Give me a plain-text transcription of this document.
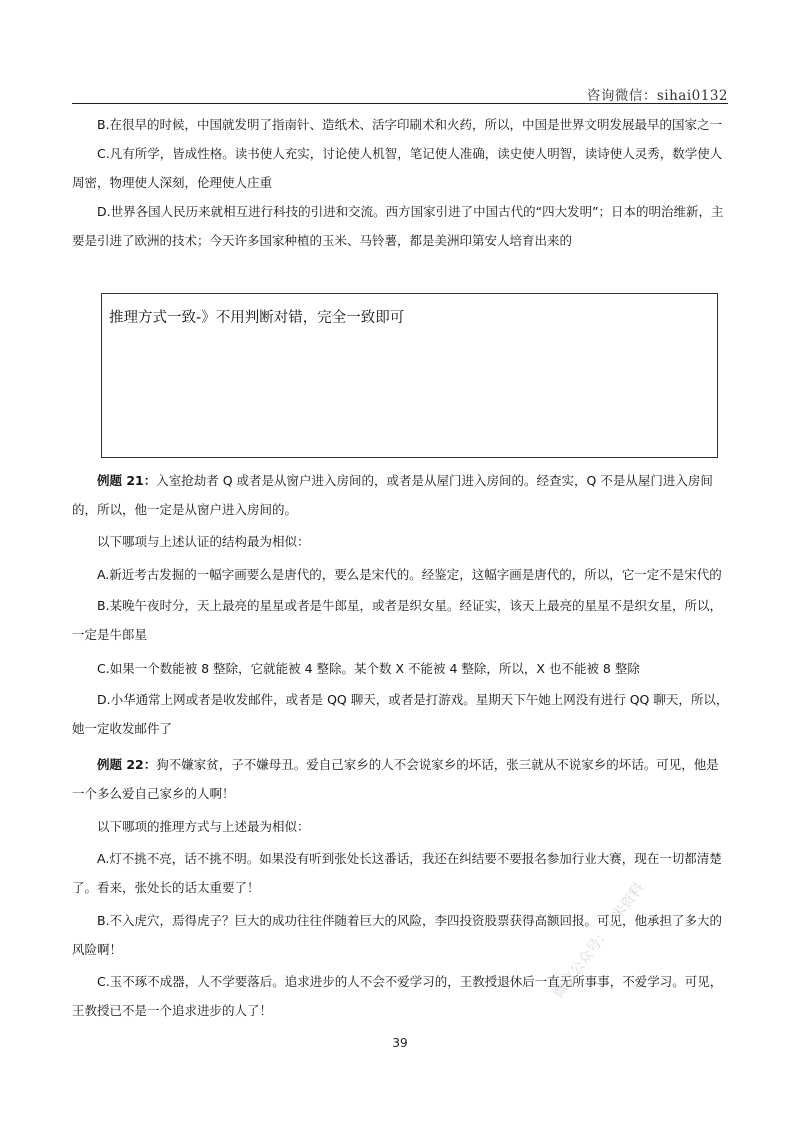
咨询微信：sihai0132

B.在很早的时候，中国就发明了指南针、造纸术、活字印刷术和火药，所以，中国是世界文明发展最早的国家之一

C.凡有所学，皆成性格。读书使人充实，讨论使人机智，笔记使人准确，读史使人明智，读诗使人灵秀，数学使人周密，物理使人深刻，伦理使人庄重

D.世界各国人民历来就相互进行科技的引进和交流。西方国家引进了中国古代的“四大发明”；日本的明治维新，主要是引进了欧洲的技术；今天许多国家种植的玉米、马铃薯，都是美洲印第安人培育出来的

推理方式一致-》不用判断对错，完全一致即可

例题 21：入室抢劫者 Q 或者是从窗户进入房间的，或者是从屋门进入房间的。经查实，Q 不是从屋门进入房间的，所以，他一定是从窗户进入房间的。

以下哪项与上述认证的结构最为相似：

A.新近考古发掘的一幅字画要么是唐代的，要么是宋代的。经鉴定，这幅字画是唐代的，所以，它一定不是宋代的

B.某晚午夜时分，天上最亮的星星或者是牛郎星，或者是织女星。经证实，该天上最亮的星星不是织女星，所以，一定是牛郎星

C.如果一个数能被 8 整除，它就能被 4 整除。某个数 X 不能被 4 整除，所以，X 也不能被 8 整除

D.小华通常上网或者是收发邮件，或者是 QQ 聊天，或者是打游戏。星期天下午她上网没有进行 QQ 聊天，所以，她一定收发邮件了

例题 22：狗不嫌家贫，子不嫌母丑。爱自己家乡的人不会说家乡的坏话，张三就从不说家乡的坏话。可见，他是一个多么爱自己家乡的人啊！

以下哪项的推理方式与上述最为相似：

A.灯不挑不亮，话不挑不明。如果没有听到张处长这番话，我还在纠结要不要报名参加行业大赛，现在一切都清楚了。看来，张处长的话太重要了！

B.不入虎穴，焉得虎子？巨大的成功往往伴随着巨大的风险，李四投资股票获得高额回报。可见，他承担了多大的风险啊！

C.玉不琢不成器，人不学要落后。追求进步的人不会不爱学习的，王教授退休后一直无所事事，不爱学习。可见，王教授已不是一个追求进步的人了！

39
微信公众号：千米资料
